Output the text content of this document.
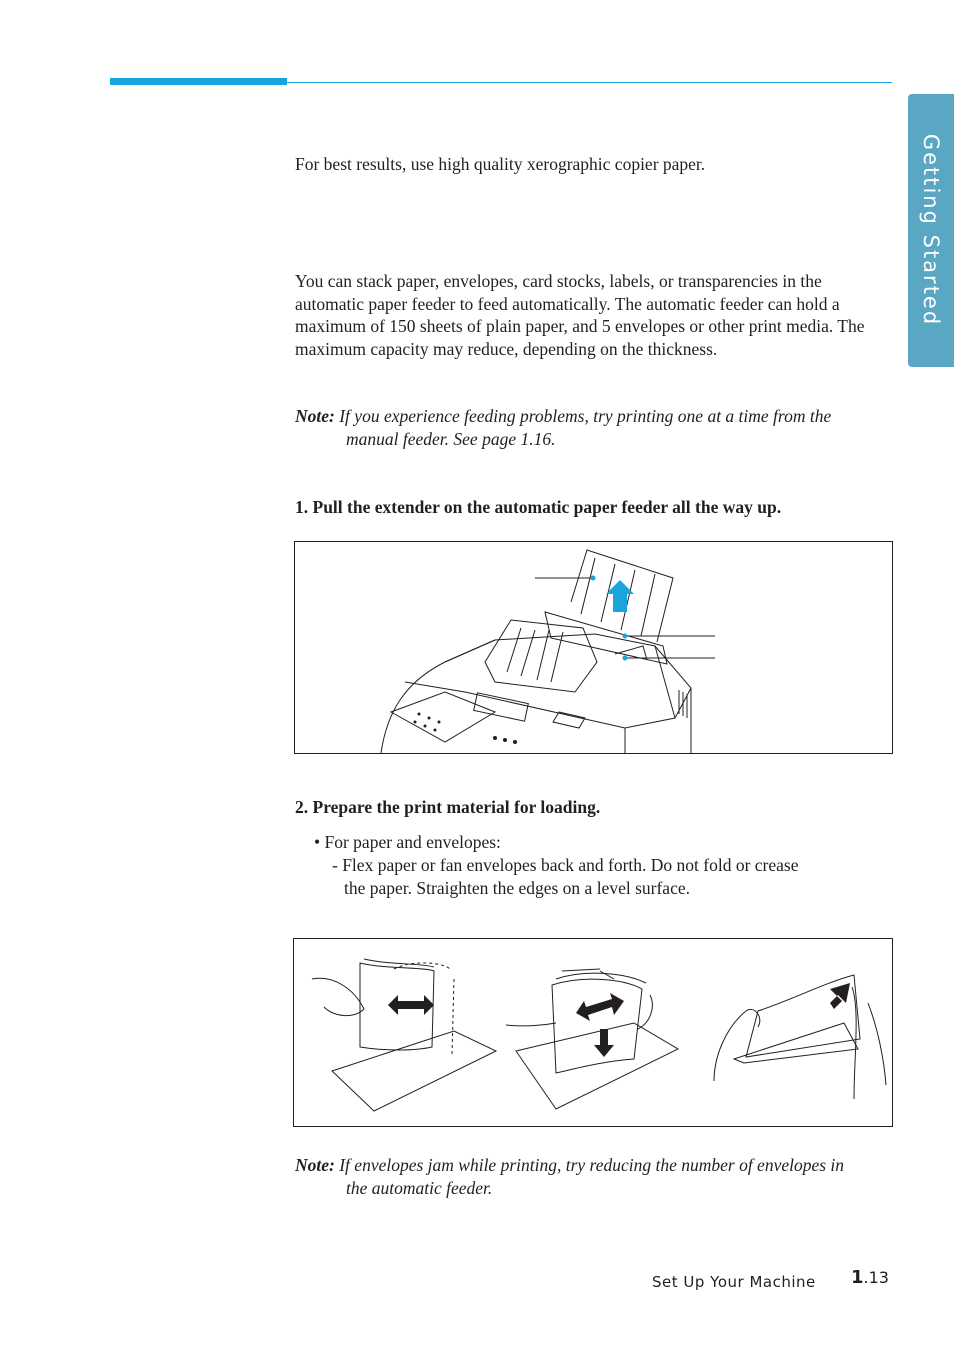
Getting Started
For best results, use high quality xerographic copier paper.
You can stack paper, envelopes, card stocks, labels, or transparencies in the automatic paper feeder to feed automatically. The automatic feeder can hold a maximum of 150 sheets of plain paper, and 5 envelopes or other print media. The maximum capacity may reduce, depending on the thickness.
Note: If you experience feeding problems, try printing one at a time from the
manual feeder. See page 1.16.
1. Pull the extender on the automatic paper feeder all the way up.
2. Prepare the print material for loading.
• For paper and envelopes:
- Flex paper or fan envelopes back and forth. Do not fold or crease
the paper. Straighten the edges on a level surface.
Note: If envelopes jam while printing, try reducing the number of envelopes in
the automatic feeder.
Set Up Your Machine 1.13
